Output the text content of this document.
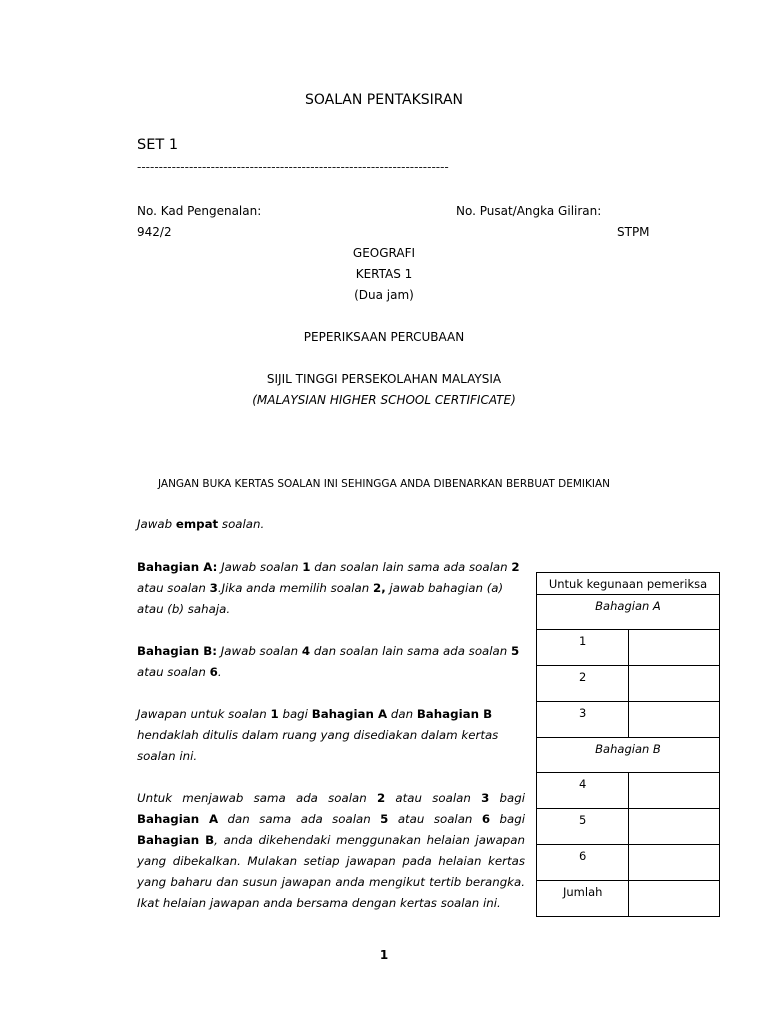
SOALAN PENTAKSIRAN
SET 1
------------------------------------------------------------------------
No. Kad Pengenalan:	No. Pusat/Angka Giliran:
942/2	STPM
GEOGRAFI
KERTAS 1
(Dua jam)
PEPERIKSAAN PERCUBAAN
SIJIL TINGGI PERSEKOLAHAN MALAYSIA
(MALAYSIAN HIGHER SCHOOL CERTIFICATE)
JANGAN BUKA KERTAS SOALAN INI SEHINGGA ANDA DIBENARKAN BERBUAT DEMIKIAN
Jawab empat soalan.
Bahagian A: Jawab soalan 1 dan soalan lain sama ada soalan 2
atau soalan 3.Jika anda memilih soalan 2, jawab bahagian (a)
atau (b) sahaja.
Bahagian B: Jawab soalan 4 dan soalan lain sama ada soalan 5
atau soalan 6.
Jawapan untuk soalan 1 bagi Bahagian A dan Bahagian B
hendaklah ditulis dalam ruang yang disediakan dalam kertas
soalan ini.
Untuk menjawab sama ada soalan 2 atau soalan 3 bagi Bahagian A dan sama ada soalan 5 atau soalan 6 bagi Bahagian B, anda dikehendaki menggunakan helaian jawapan yang dibekalkan. Mulakan setiap jawapan pada helaian kertas yang baharu dan susun jawapan anda mengikut tertib berangka. Ikat helaian jawapan anda bersama dengan kertas soalan ini.
Untuk kegunaan pemeriksa	
Bahagian A	
1	
2	
3	
Bahagian B	
4	
5	
6	
Jumlah	
1
